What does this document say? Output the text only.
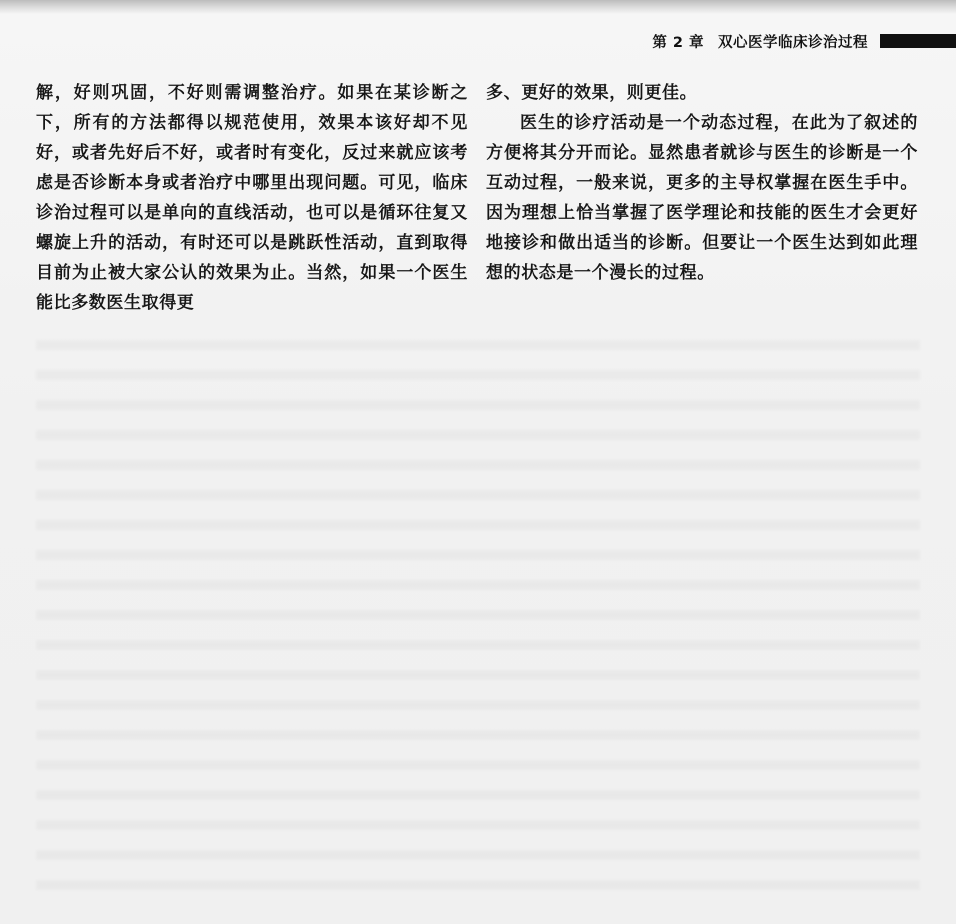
第 2 章 双心医学临床诊治过程

解，好则巩固，不好则需调整治疗。如果在某诊断之下，所有的方法都得以规范使用，效果本该好却不见好，或者先好后不好，或者时有变化，反过来就应该考虑是否诊断本身或者治疗中哪里出现问题。可见，临床诊治过程可以是单向的直线活动，也可以是循环往复又螺旋上升的活动，有时还可以是跳跃性活动，直到取得目前为止被大家公认的效果为止。当然，如果一个医生能比多数医生取得更

多、更好的效果，则更佳。

医生的诊疗活动是一个动态过程，在此为了叙述的方便将其分开而论。显然患者就诊与医生的诊断是一个互动过程，一般来说，更多的主导权掌握在医生手中。因为理想上恰当掌握了医学理论和技能的医生才会更好地接诊和做出适当的诊断。但要让一个医生达到如此理想的状态是一个漫长的过程。
